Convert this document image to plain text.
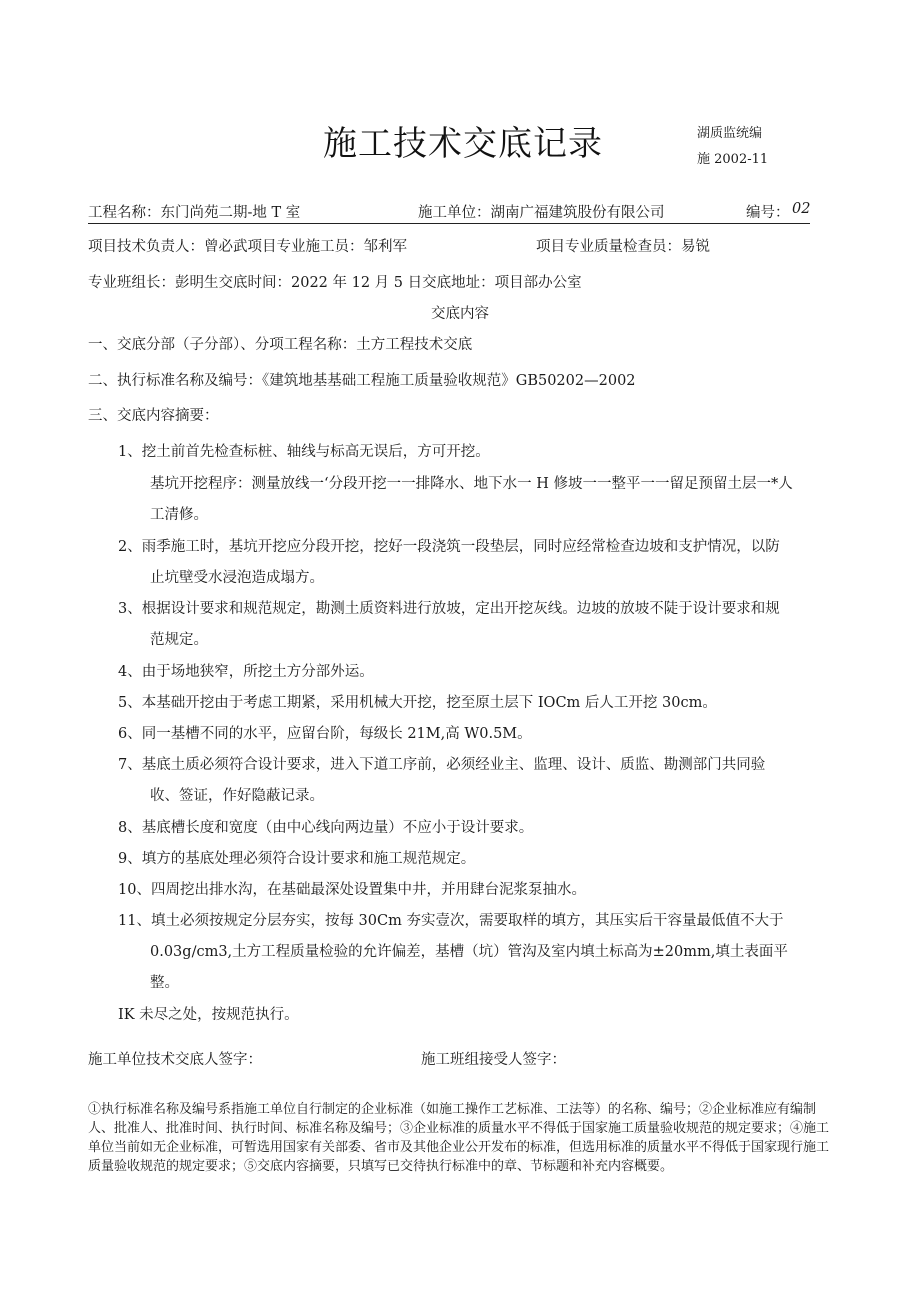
施工技术交底记录	湖质监统编
施 2002-11
工程名称：东门尚苑二期-地 T 室	施工单位：湖南广福建筑股份有限公司	编号： 02
项目技术负责人：曾必武项目专业施工员：邹利军	项目专业质量检查员：易锐
专业班组长：彭明生交底时间：2022 年 12 月 5 日交底地址：项目部办公室
交底内容
一、交底分部（子分部）、分项工程名称：土方工程技术交底
二、执行标准名称及编号：《建筑地基基础工程施工质量验收规范》GB50202—2002
三、交底内容摘要：
1、挖土前首先检查标桩、轴线与标高无误后，方可开挖。
基坑开挖程序：测量放线一‘分段开挖一一排降水、地下水一 H 修坡一一整平一一留足预留土层一*人
工清修。
2、雨季施工时，基坑开挖应分段开挖，挖好一段浇筑一段垫层，同时应经常检查边坡和支护情况，以防
止坑壁受水浸泡造成塌方。
3、根据设计要求和规范规定，勘测土质资料进行放坡，定出开挖灰线。边坡的放坡不陡于设计要求和规
范规定。
4、由于场地狭窄，所挖土方分部外运。
5、本基础开挖由于考虑工期紧，采用机械大开挖，挖至原土层下 IOCm 后人工开挖 30cm。
6、同一基槽不同的水平，应留台阶，每级长 21M,高 W0.5M。
7、基底土质必须符合设计要求，进入下道工序前，必须经业主、监理、设计、质监、勘测部门共同验
收、签证，作好隐蔽记录。
8、基底槽长度和宽度（由中心线向两边量）不应小于设计要求。
9、填方的基底处理必须符合设计要求和施工规范规定。
10、四周挖出排水沟，在基础最深处设置集中井，并用肆台泥浆泵抽水。
11、填土必须按规定分层夯实，按每 30Cm 夯实壹次，需要取样的填方，其压实后干容量最低值不大于
0.03g∕cm3,土方工程质量检验的允许偏差，基槽（坑）管沟及室内填土标高为±20mm,填土表面平
整。
IK 未尽之处，按规范执行。
施工单位技术交底人签字：	施工班组接受人签字：
①执行标准名称及编号系指施工单位自行制定的企业标准（如施工操作工艺标准、工法等）的名称、编号；②企业标准应有编制人、批准人、批准时间、执行时间、标准名称及编号；③企业标准的质量水平不得低于国家施工质量验收规范的规定要求；④施工单位当前如无企业标准，可暂选用国家有关部委、省市及其他企业公开发布的标准，但选用标准的质量水平不得低于国家现行施工质量验收规范的规定要求；⑤交底内容摘要，只填写已交待执行标准中的章、节标题和补充内容概要。
